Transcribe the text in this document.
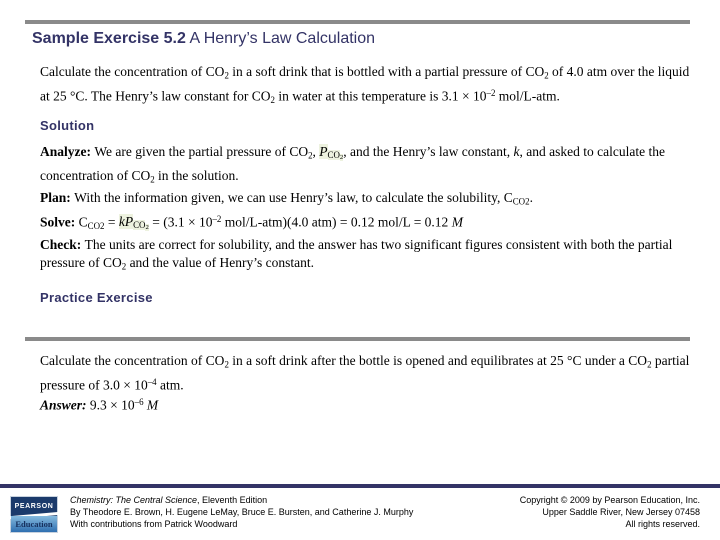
Sample Exercise 5.2 A Henry’s Law Calculation
Calculate the concentration of CO2 in a soft drink that is bottled with a partial pressure of CO2 of 4.0 atm over the liquid at 25 °C. The Henry’s law constant for CO2 in water at this temperature is $3.1 \times 10^{-2}$ mol/L-atm.
Solution

Analyze: We are given the partial pressure of CO2, $PCO_2$, and the Henry’s law constant, k, and asked to calculate the concentration of CO2 in the solution.

Plan: With the information given, we can use Henry’s law, to calculate the solubility, CCO2.

Solve: CCO2 = kPCO$_2$ = ($3.1 \times 10^{-2}$ mol/L-atm)(4.0 atm) = 0.12 mol/L = 0.12 M

Check: The units are correct for solubility, and the answer has two significant figures consistent with both the partial pressure of CO2 and the value of Henry’s constant.

Practice Exercise
Calculate the concentration of CO2 in a soft drink after the bottle is opened and equilibrates at 25 °C under a CO2 partial pressure of $3.0 \times 10^{-4}$ atm.
Answer: $9.3 \times 10^{-6}$ M
PEARSON
Education
Chemistry: The Central Science, Eleventh Edition
By Theodore E. Brown, H. Eugene LeMay, Bruce E. Bursten, and Catherine J. Murphy
With contributions from Patrick Woodward
Copyright © 2009 by Pearson Education, Inc.
Upper Saddle River, New Jersey 07458
All rights reserved.
